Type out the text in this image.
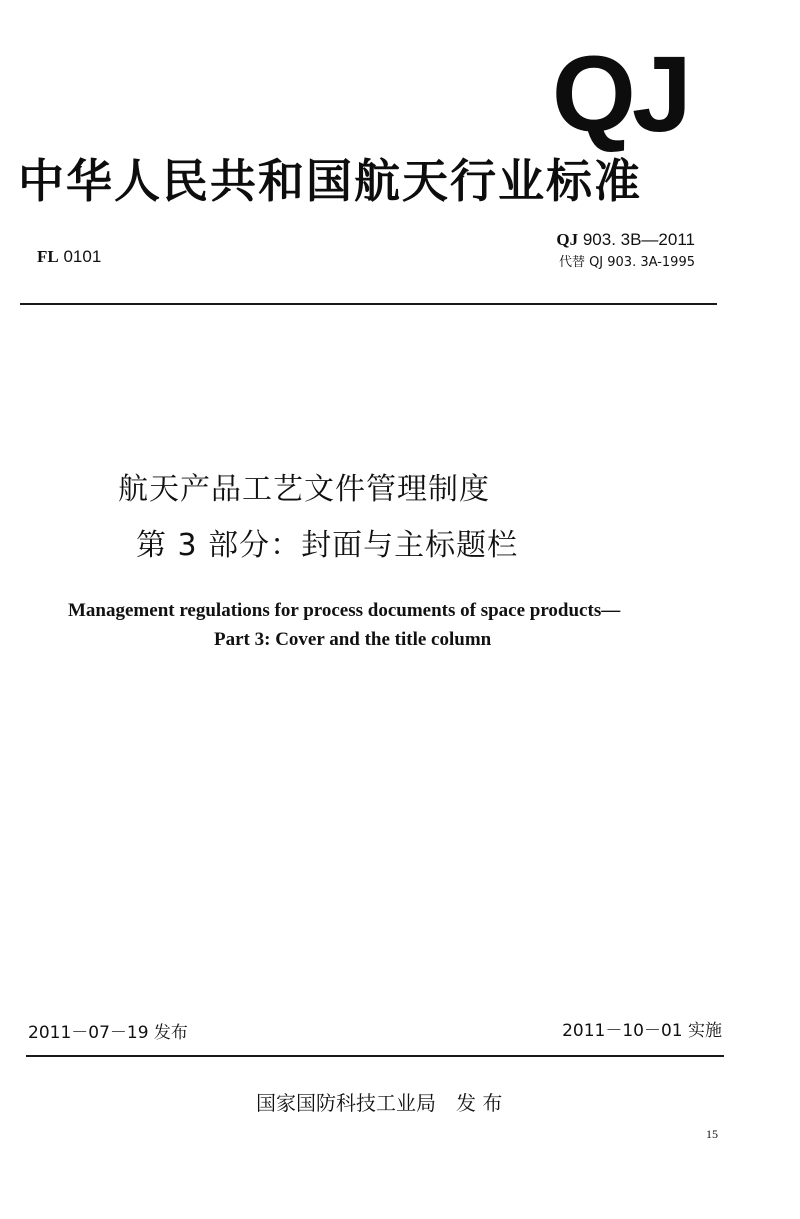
QJ
中华人民共和国航天行业标准
FL 0101
QJ 903. 3B—2011
代替 QJ 903. 3A-1995
航天产品工艺文件管理制度
第 3 部分：封面与主标题栏
Management regulations for process documents of space products—
Part 3: Cover and the title column
2011－07－19 发布	2011－10－01 实施
国家国防科技工业局　发 布
15
